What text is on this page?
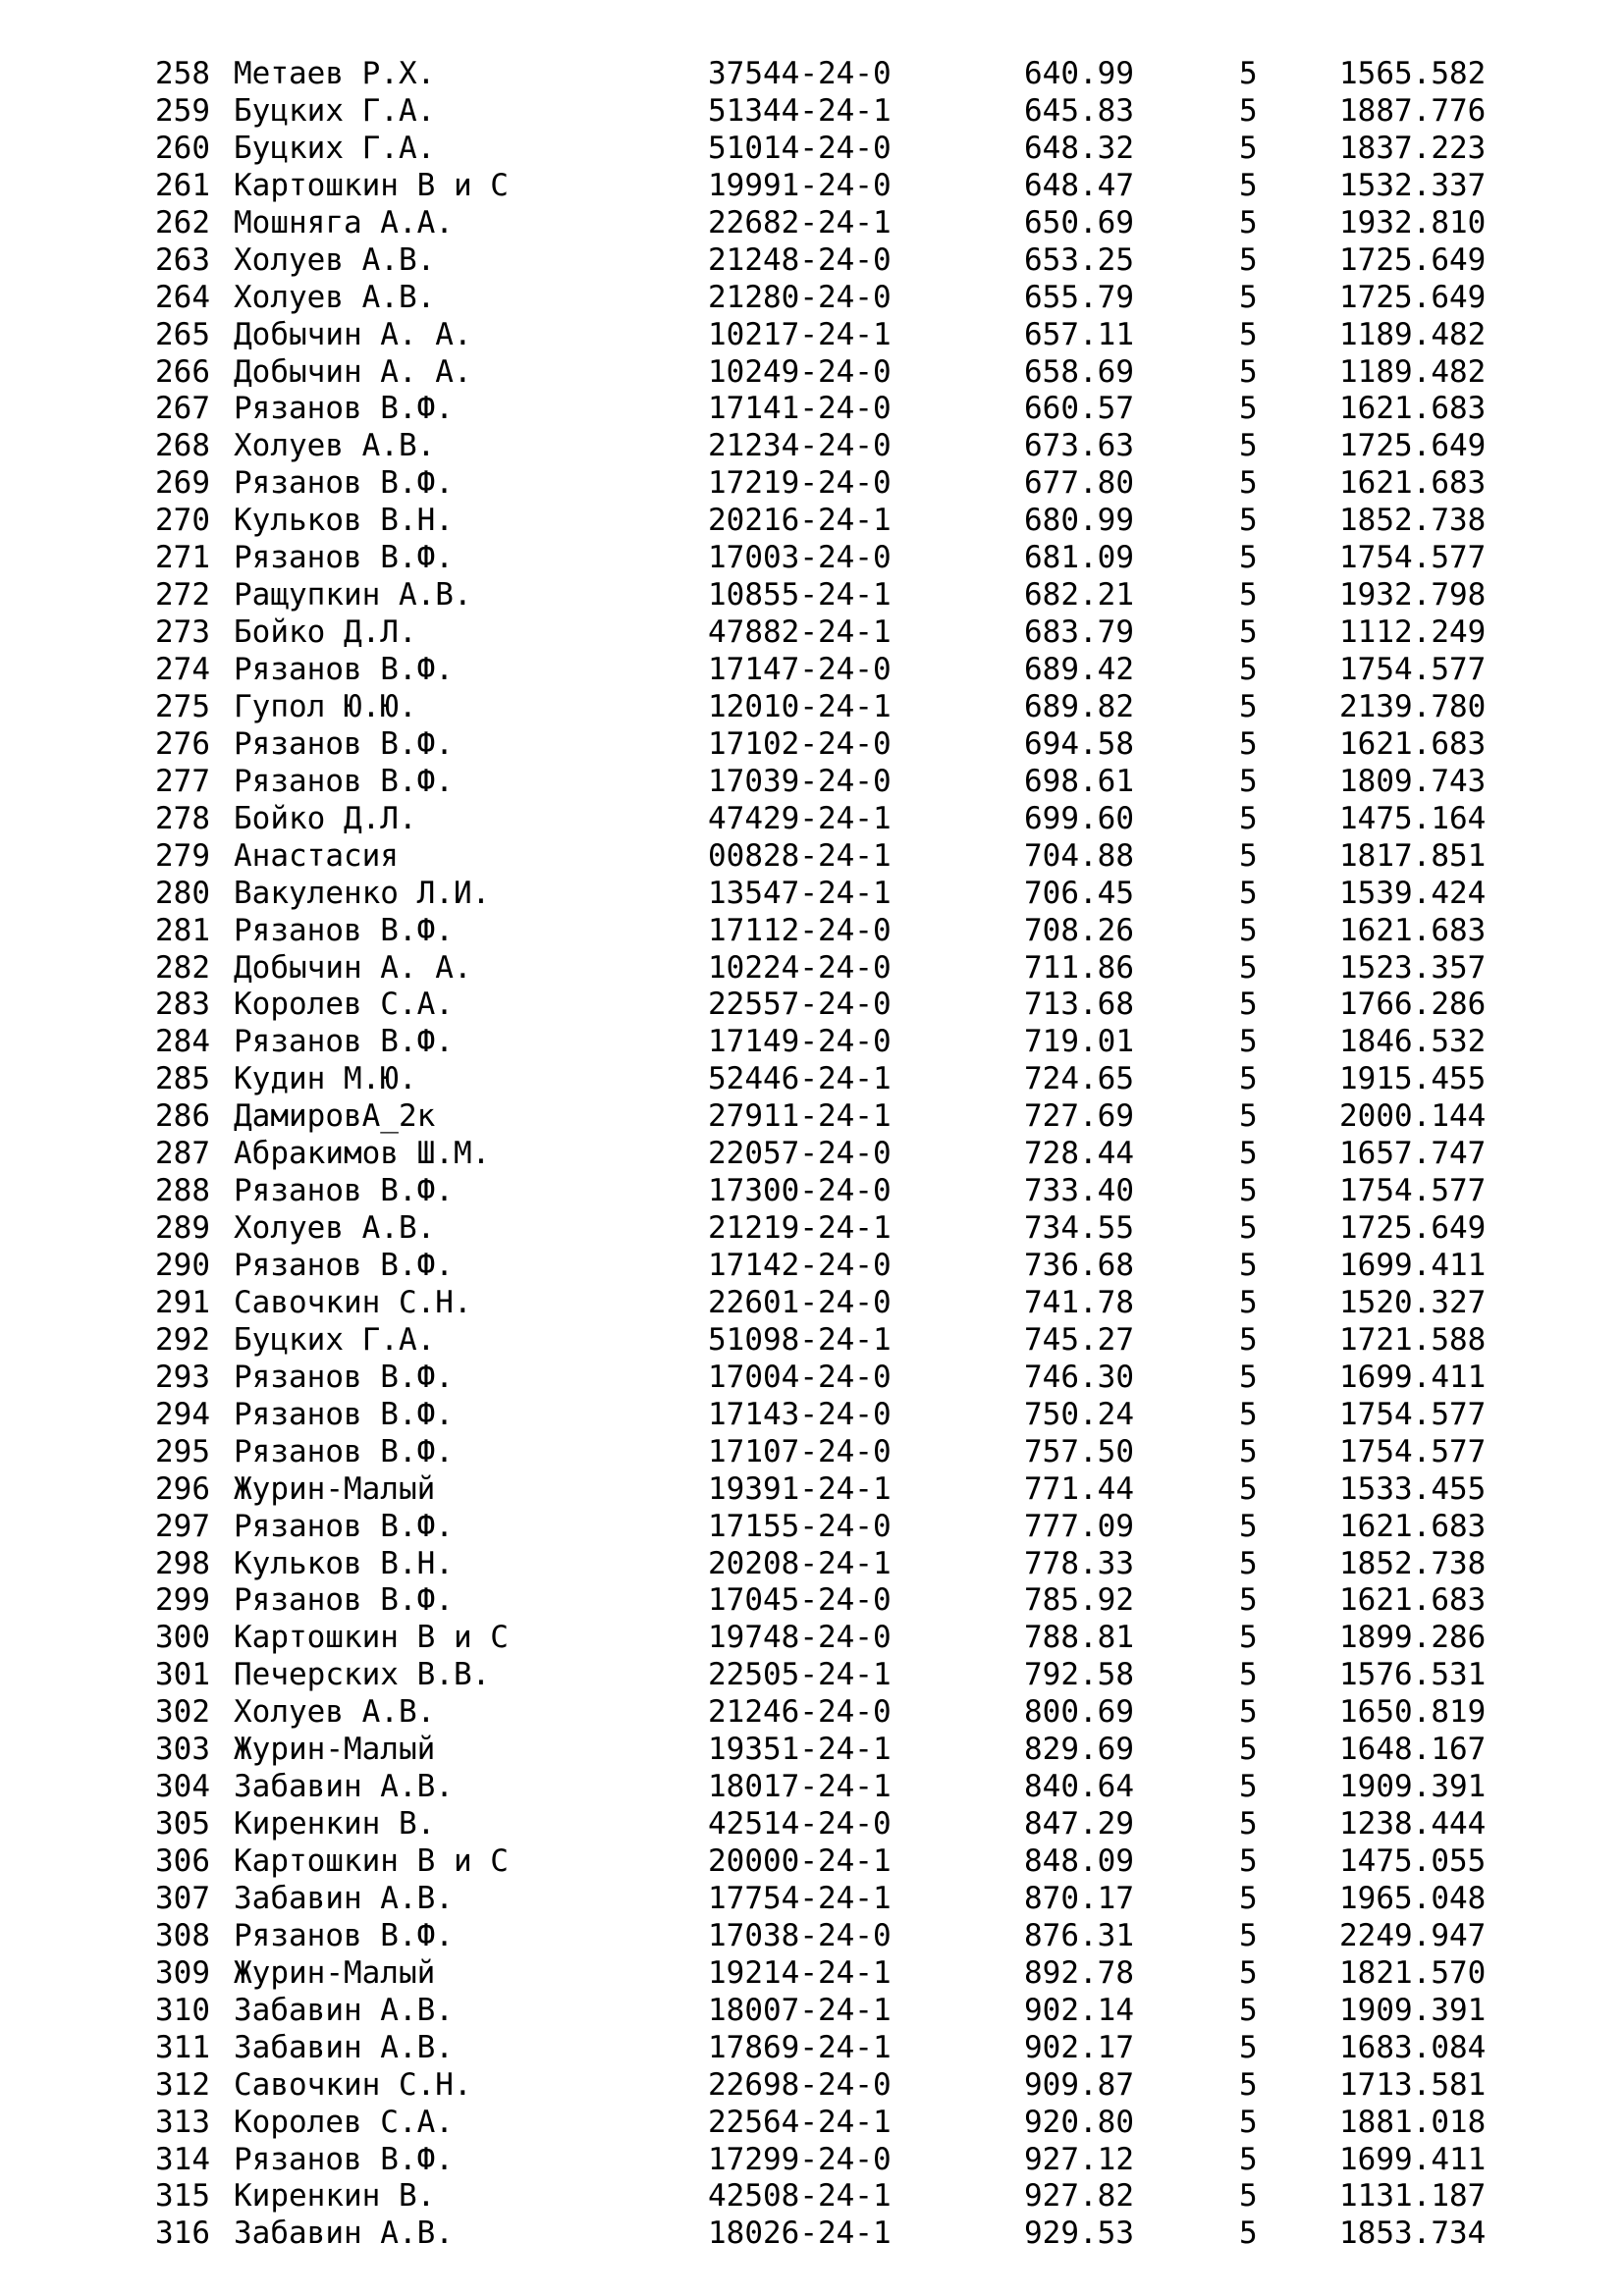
258 Метаев Р.Х.	37544-24-0	640.99	5	1565.582
259 Буцких Г.А.	51344-24-1	645.83	5	1887.776
260 Буцких Г.А.	51014-24-0	648.32	5	1837.223
261 Картошкин В и С	19991-24-0	648.47	5	1532.337
262 Мошняга А.А.	22682-24-1	650.69	5	1932.810
263 Холуев А.В.	21248-24-0	653.25	5	1725.649
264 Холуев А.В.	21280-24-0	655.79	5	1725.649
265 Добычин А. А.	10217-24-1	657.11	5	1189.482
266 Добычин А. А.	10249-24-0	658.69	5	1189.482
267 Рязанов В.Ф.	17141-24-0	660.57	5	1621.683
268 Холуев А.В.	21234-24-0	673.63	5	1725.649
269 Рязанов В.Ф.	17219-24-0	677.80	5	1621.683
270 Кульков В.Н.	20216-24-1	680.99	5	1852.738
271 Рязанов В.Ф.	17003-24-0	681.09	5	1754.577
272 Ращупкин А.В.	10855-24-1	682.21	5	1932.798
273 Бойко Д.Л.	47882-24-1	683.79	5	1112.249
274 Рязанов В.Ф.	17147-24-0	689.42	5	1754.577
275 Гупол Ю.Ю.	12010-24-1	689.82	5	2139.780
276 Рязанов В.Ф.	17102-24-0	694.58	5	1621.683
277 Рязанов В.Ф.	17039-24-0	698.61	5	1809.743
278 Бойко Д.Л.	47429-24-1	699.60	5	1475.164
279 Анастасия	00828-24-1	704.88	5	1817.851
280 Вакуленко Л.И.	13547-24-1	706.45	5	1539.424
281 Рязанов В.Ф.	17112-24-0	708.26	5	1621.683
282 Добычин А. А.	10224-24-0	711.86	5	1523.357
283 Королев С.А.	22557-24-0	713.68	5	1766.286
284 Рязанов В.Ф.	17149-24-0	719.01	5	1846.532
285 Кудин М.Ю.	52446-24-1	724.65	5	1915.455
286 ДамировА_2к	27911-24-1	727.69	5	2000.144
287 Абракимов Ш.М.	22057-24-0	728.44	5	1657.747
288 Рязанов В.Ф.	17300-24-0	733.40	5	1754.577
289 Холуев А.В.	21219-24-1	734.55	5	1725.649
290 Рязанов В.Ф.	17142-24-0	736.68	5	1699.411
291 Савочкин С.Н.	22601-24-0	741.78	5	1520.327
292 Буцких Г.А.	51098-24-1	745.27	5	1721.588
293 Рязанов В.Ф.	17004-24-0	746.30	5	1699.411
294 Рязанов В.Ф.	17143-24-0	750.24	5	1754.577
295 Рязанов В.Ф.	17107-24-0	757.50	5	1754.577
296 Журин-Малый	19391-24-1	771.44	5	1533.455
297 Рязанов В.Ф.	17155-24-0	777.09	5	1621.683
298 Кульков В.Н.	20208-24-1	778.33	5	1852.738
299 Рязанов В.Ф.	17045-24-0	785.92	5	1621.683
300 Картошкин В и С	19748-24-0	788.81	5	1899.286
301 Печерских В.В.	22505-24-1	792.58	5	1576.531
302 Холуев А.В.	21246-24-0	800.69	5	1650.819
303 Журин-Малый	19351-24-1	829.69	5	1648.167
304 Забавин А.В.	18017-24-1	840.64	5	1909.391
305 Киренкин В.	42514-24-0	847.29	5	1238.444
306 Картошкин В и С	20000-24-1	848.09	5	1475.055
307 Забавин А.В.	17754-24-1	870.17	5	1965.048
308 Рязанов В.Ф.	17038-24-0	876.31	5	2249.947
309 Журин-Малый	19214-24-1	892.78	5	1821.570
310 Забавин А.В.	18007-24-1	902.14	5	1909.391
311 Забавин А.В.	17869-24-1	902.17	5	1683.084
312 Савочкин С.Н.	22698-24-0	909.87	5	1713.581
313 Королев С.А.	22564-24-1	920.80	5	1881.018
314 Рязанов В.Ф.	17299-24-0	927.12	5	1699.411
315 Киренкин В.	42508-24-1	927.82	5	1131.187
316 Забавин А.В.	18026-24-1	929.53	5	1853.734
